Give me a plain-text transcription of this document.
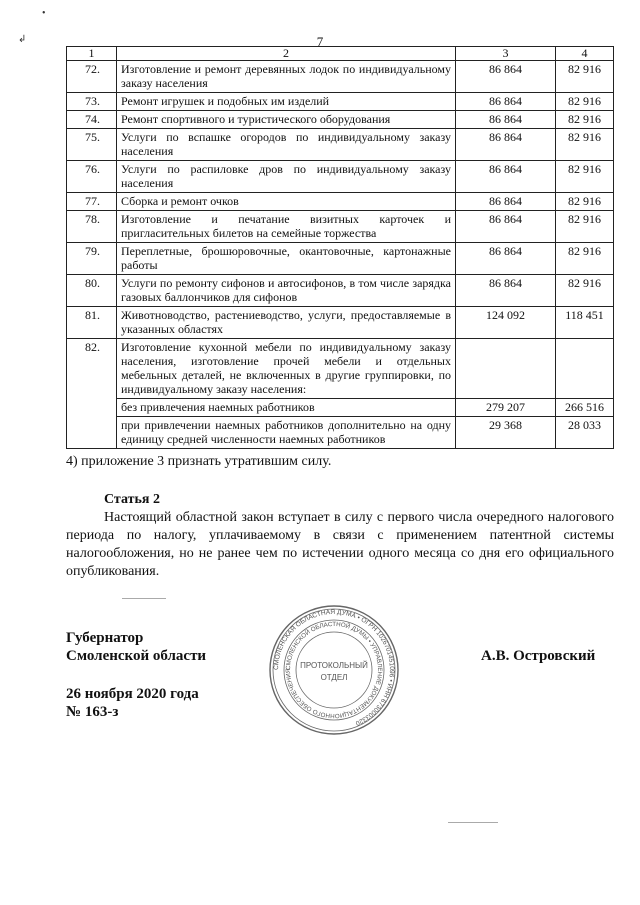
•
↲	7
1	2	3	4
72.	Изготовление и ремонт деревянных лодок по индивидуальному заказу населения	86 864	82 916
73.	Ремонт игрушек и подобных им изделий	86 864	82 916
74.	Ремонт спортивного и туристического оборудования	86 864	82 916
75.	Услуги по вспашке огородов по индивидуальному заказу населения	86 864	82 916
76.	Услуги по распиловке дров по индивидуальному заказу населения	86 864	82 916
77.	Сборка и ремонт очков	86 864	82 916
78.	Изготовление и печатание визитных карточек и пригласительных билетов на семейные торжества	86 864	82 916
79.	Переплетные, брошюровочные, окантовочные, картонажные работы	86 864	82 916
80.	Услуги по ремонту сифонов и автосифонов, в том числе зарядка газовых баллончиков для сифонов	86 864	82 916
81.	Животноводство, растениеводство, услуги, предоставляемые в указанных областях	124 092	118 451
82.	Изготовление кухонной мебели по индивидуальному заказу населения, изготовление прочей мебели и отдельных мебельных деталей, не включенных в другие группировки, по индивидуальному заказу населения:		
	без привлечения наемных работников	279 207	266 516
	при привлечении наемных работников дополнительно на одну единицу средней численности наемных работников	29 368	28 033
4) приложение 3 признать утратившим силу.
Статья 2
Настоящий областной закон вступает в силу с первого числа очередного налогового периода по налогу, уплачиваемому в связи с применением патентной системы налогообложения, но не ранее чем по истечении одного месяца со дня его официального опубликования.
Губернатор
Смоленской области	А.В. Островский
26 ноября 2020 года
№ 163-з
СМОЛЕНСКАЯ ОБЛАСТНАЯ ДУМА • ОГРН 1026701451096 • ИНН 6730003320
СМОЛЕНСКОЙ ОБЛАСТНОЙ ДУМЫ • УПРАВЛЕНИЕ ДОКУМЕНТАЦИОННОГО ОБЕСПЕЧЕНИЯ
ПРОТОКОЛЬНЫЙ
ОТДЕЛ
